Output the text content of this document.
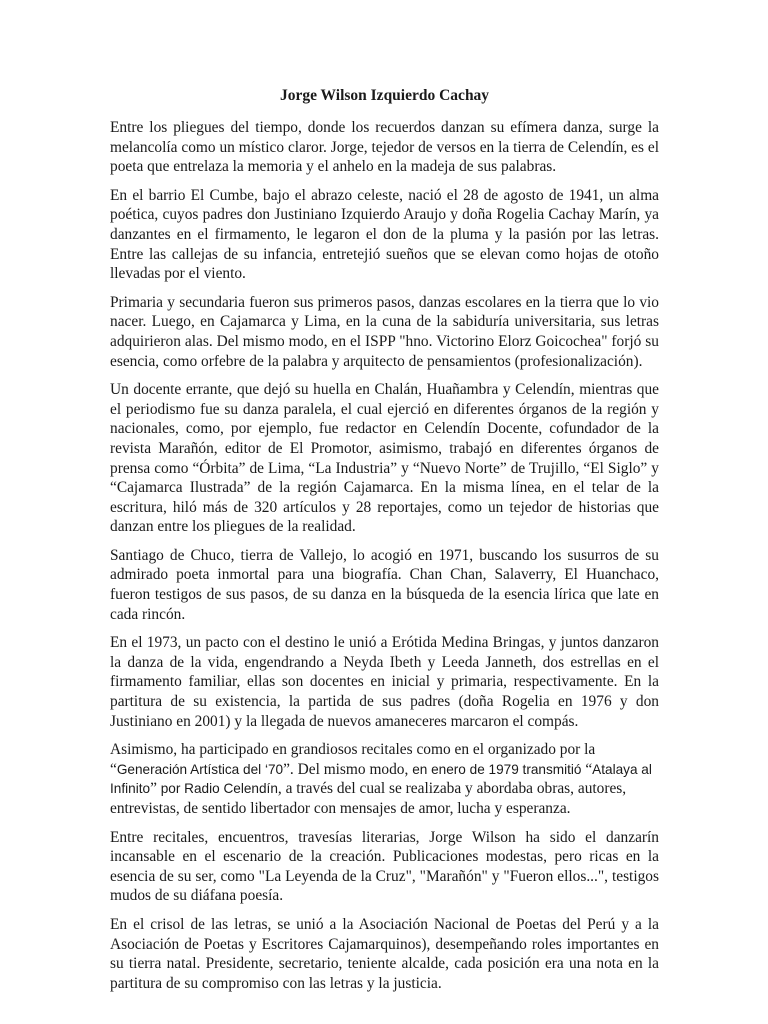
Jorge Wilson Izquierdo Cachay

Entre los pliegues del tiempo, donde los recuerdos danzan su efímera danza, surge la melancolía como un místico claror. Jorge, tejedor de versos en la tierra de Celendín, es el poeta que entrelaza la memoria y el anhelo en la madeja de sus palabras.

En el barrio El Cumbe, bajo el abrazo celeste, nació el 28 de agosto de 1941, un alma poética, cuyos padres don Justiniano Izquierdo Araujo y doña Rogelia Cachay Marín, ya danzantes en el firmamento, le legaron el don de la pluma y la pasión por las letras. Entre las callejas de su infancia, entretejió sueños que se elevan como hojas de otoño llevadas por el viento.

Primaria y secundaria fueron sus primeros pasos, danzas escolares en la tierra que lo vio nacer. Luego, en Cajamarca y Lima, en la cuna de la sabiduría universitaria, sus letras adquirieron alas. Del mismo modo, en el ISPP "hno. Victorino Elorz Goicochea" forjó su esencia, como orfebre de la palabra y arquitecto de pensamientos (profesionalización).

Un docente errante, que dejó su huella en Chalán, Huañambra y Celendín, mientras que el periodismo fue su danza paralela, el cual ejerció en diferentes órganos de la región y nacionales, como, por ejemplo, fue redactor en Celendín Docente, cofundador de la revista Marañón, editor de El Promotor, asimismo, trabajó en diferentes órganos de prensa como “Órbita” de Lima, “La Industria” y “Nuevo Norte” de Trujillo, “El Siglo” y “Cajamarca Ilustrada” de la región Cajamarca. En la misma línea, en el telar de la escritura, hiló más de 320 artículos y 28 reportajes, como un tejedor de historias que danzan entre los pliegues de la realidad.

Santiago de Chuco, tierra de Vallejo, lo acogió en 1971, buscando los susurros de su admirado poeta inmortal para una biografía. Chan Chan, Salaverry, El Huanchaco, fueron testigos de sus pasos, de su danza en la búsqueda de la esencia lírica que late en cada rincón.

En el 1973, un pacto con el destino le unió a Erótida Medina Bringas, y juntos danzaron la danza de la vida, engendrando a Neyda Ibeth y Leeda Janneth, dos estrellas en el firmamento familiar, ellas son docentes en inicial y primaria, respectivamente. En la partitura de su existencia, la partida de sus padres (doña Rogelia en 1976 y don Justiniano en 2001) y la llegada de nuevos amaneceres marcaron el compás.

Asimismo, ha participado en grandiosos recitales como en el organizado por la “Generación Artística del ‘70”. Del mismo modo, en enero de 1979 transmitió “Atalaya al Infinito” por Radio Celendín, a través del cual se realizaba y abordaba obras, autores, entrevistas, de sentido libertador con mensajes de amor, lucha y esperanza.

Entre recitales, encuentros, travesías literarias, Jorge Wilson ha sido el danzarín incansable en el escenario de la creación. Publicaciones modestas, pero ricas en la esencia de su ser, como "La Leyenda de la Cruz", "Marañón" y "Fueron ellos...", testigos mudos de su diáfana poesía.

En el crisol de las letras, se unió a la Asociación Nacional de Poetas del Perú y a la Asociación de Poetas y Escritores Cajamarquinos), desempeñando roles importantes en su tierra natal. Presidente, secretario, teniente alcalde, cada posición era una nota en la partitura de su compromiso con las letras y la justicia.
